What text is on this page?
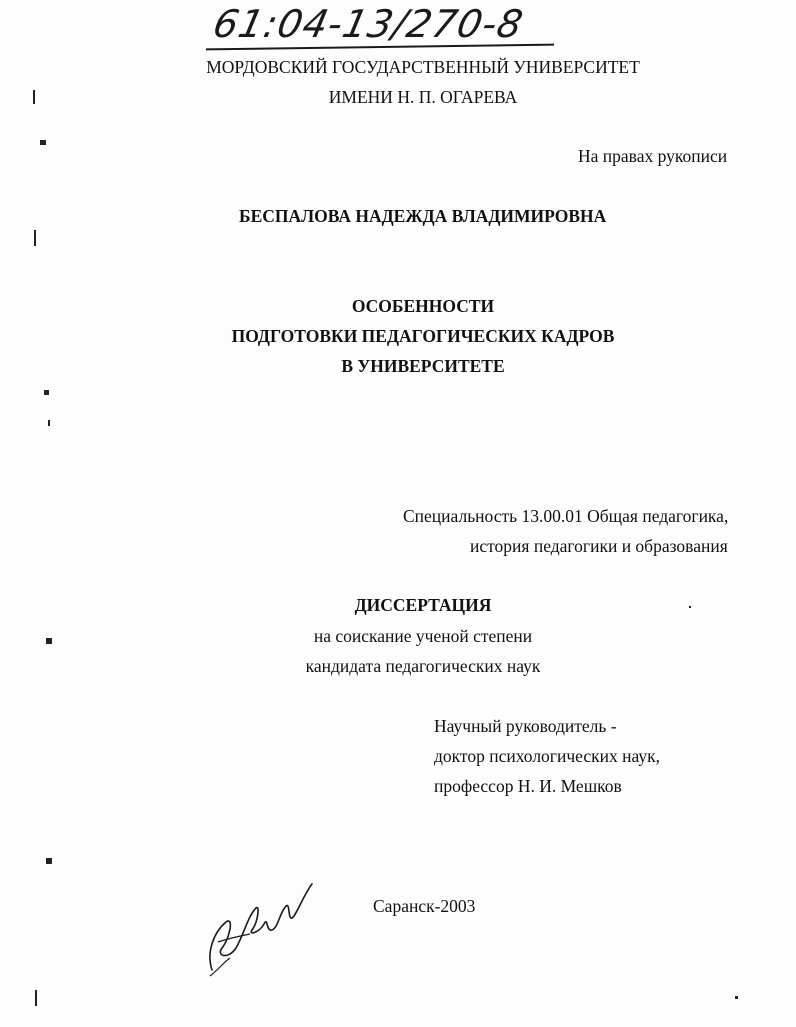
61:04-13/270-8
МОРДОВСКИЙ ГОСУДАРСТВЕННЫЙ УНИВЕРСИТЕТ
ИМЕНИ Н. П. ОГАРЕВА
На правах рукописи
БЕСПАЛОВА НАДЕЖДА ВЛАДИМИРОВНА
ОСОБЕННОСТИ
ПОДГОТОВКИ ПЕДАГОГИЧЕСКИХ КАДРОВ
В УНИВЕРСИТЕТЕ
Специальность 13.00.01 Общая педагогика,
история педагогики и образования
ДИССЕРТАЦИЯ
на соискание ученой степени
кандидата педагогических наук
Научный руководитель -
доктор психологических наук,
профессор Н. И. Мешков
Саранск-2003
